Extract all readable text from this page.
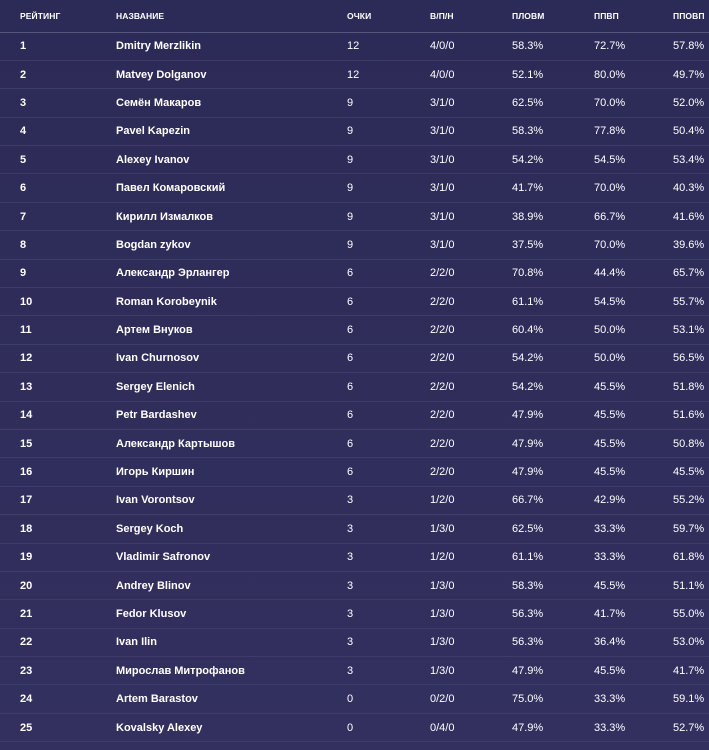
РЕЙТИНГ	НАЗВАНИЕ	ОЧКИ	В/П/Н	ПЛОВМ	ППВП	ППОВП
1	Dmitry Merzlikin	12	4/0/0	58.3%	72.7%	57.8%
2	Matvey Dolganov	12	4/0/0	52.1%	80.0%	49.7%
3	Семён Макаров	9	3/1/0	62.5%	70.0%	52.0%
4	Pavel Kapezin	9	3/1/0	58.3%	77.8%	50.4%
5	Alexey Ivanov	9	3/1/0	54.2%	54.5%	53.4%
6	Павел Комаровский	9	3/1/0	41.7%	70.0%	40.3%
7	Кирилл Измалков	9	3/1/0	38.9%	66.7%	41.6%
8	Bogdan zykov	9	3/1/0	37.5%	70.0%	39.6%
9	Александр Эрлангер	6	2/2/0	70.8%	44.4%	65.7%
10	Roman Korobeynik	6	2/2/0	61.1%	54.5%	55.7%
11	Артем Внуков	6	2/2/0	60.4%	50.0%	53.1%
12	Ivan Churnosov	6	2/2/0	54.2%	50.0%	56.5%
13	Sergey Elenich	6	2/2/0	54.2%	45.5%	51.8%
14	Petr Bardashev	6	2/2/0	47.9%	45.5%	51.6%
15	Александр Картышов	6	2/2/0	47.9%	45.5%	50.8%
16	Игорь Киршин	6	2/2/0	47.9%	45.5%	45.5%
17	Ivan Vorontsov	3	1/2/0	66.7%	42.9%	55.2%
18	Sergey Koch	3	1/3/0	62.5%	33.3%	59.7%
19	Vladimir Safronov	3	1/2/0	61.1%	33.3%	61.8%
20	Andrey Blinov	3	1/3/0	58.3%	45.5%	51.1%
21	Fedor Klusov	3	1/3/0	56.3%	41.7%	55.0%
22	Ivan Ilin	3	1/3/0	56.3%	36.4%	53.0%
23	Мирослав Митрофанов	3	1/3/0	47.9%	45.5%	41.7%
24	Artem Barastov	0	0/2/0	75.0%	33.3%	59.1%
25	Kovalsky Alexey	0	0/4/0	47.9%	33.3%	52.7%
